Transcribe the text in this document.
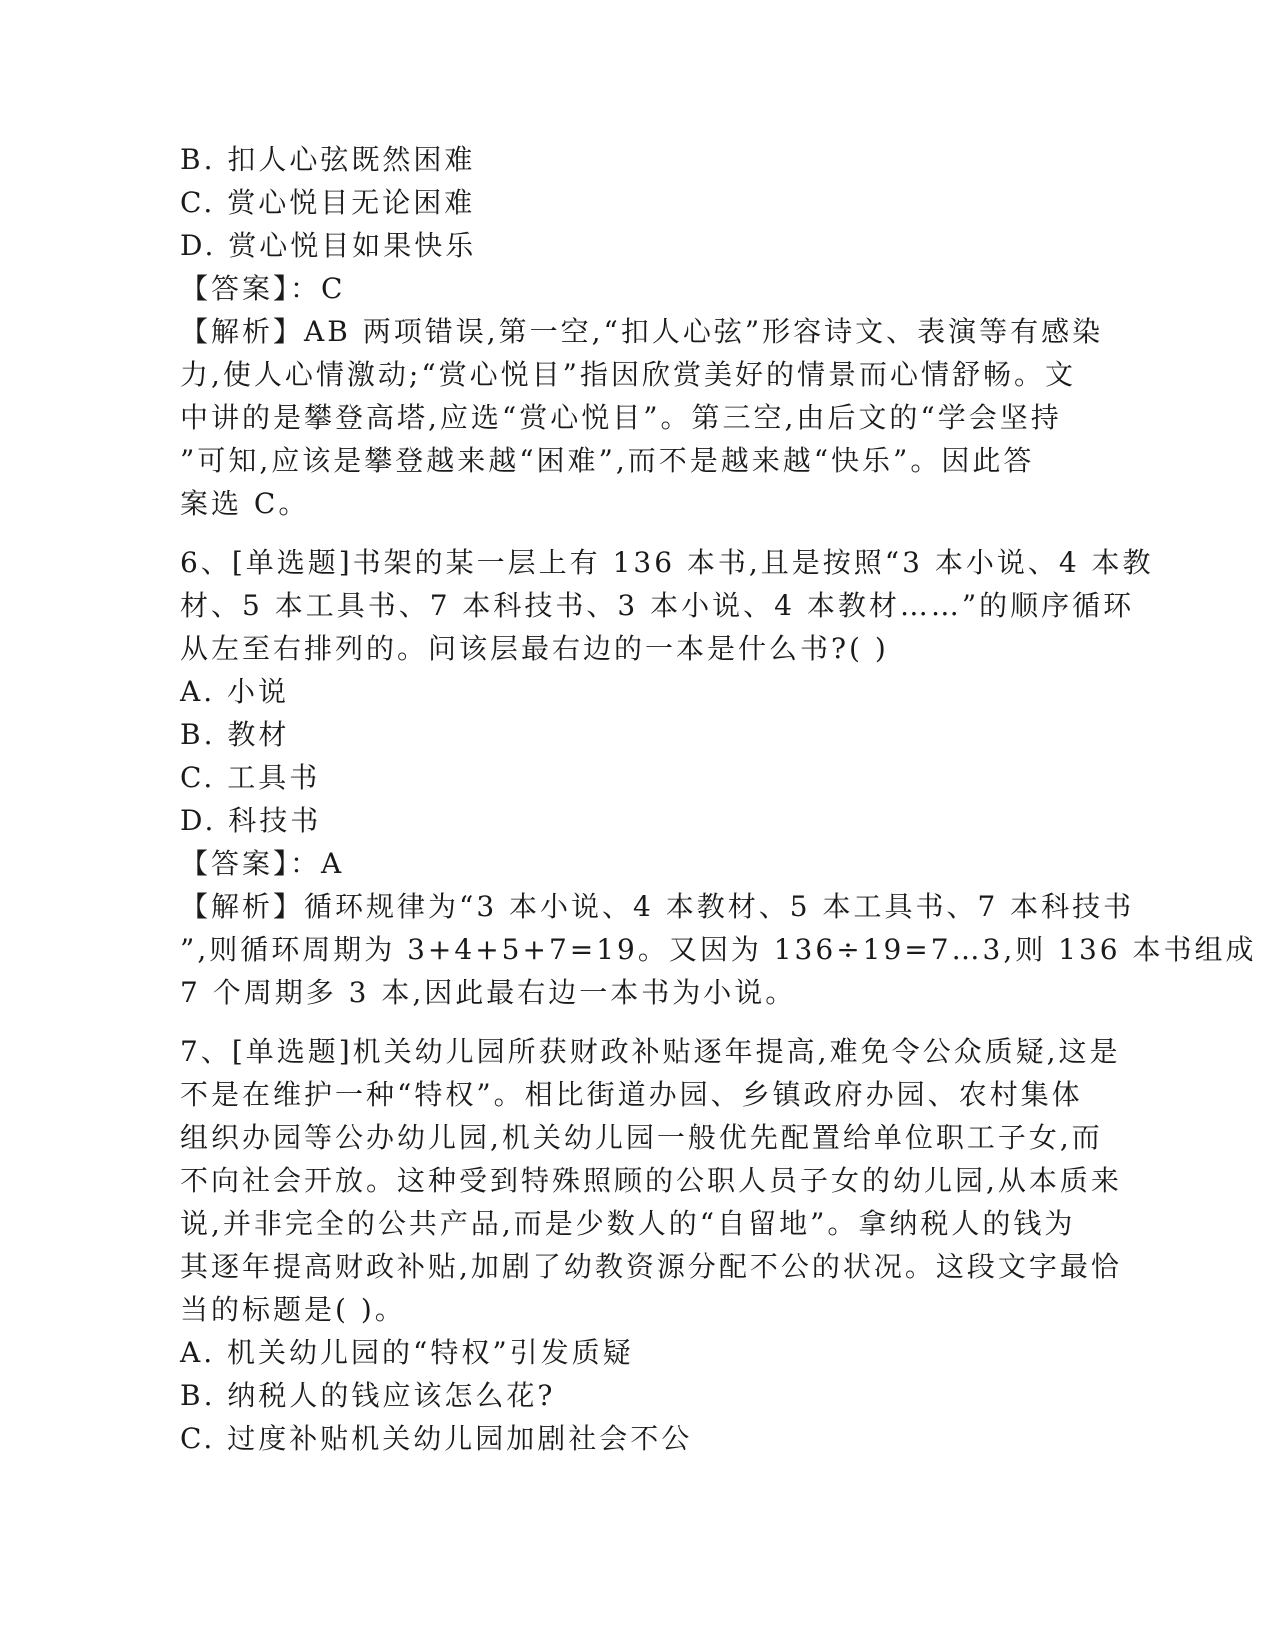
B. 扣人心弦既然困难
C. 赏心悦目无论困难
D. 赏心悦目如果快乐
【答案】：C
【解析】AB 两项错误,第一空,“扣人心弦”形容诗文、表演等有感染
力,使人心情激动;“赏心悦目”指因欣赏美好的情景而心情舒畅。文
中讲的是攀登高塔,应选“赏心悦目”。第三空,由后文的“学会坚持
”可知,应该是攀登越来越“困难”,而不是越来越“快乐”。因此答
案选 C。
6、[单选题]书架的某一层上有 136 本书,且是按照“3 本小说、4 本教
材、5 本工具书、7 本科技书、3 本小说、4 本教材……”的顺序循环
从左至右排列的。问该层最右边的一本是什么书?( )
A. 小说
B. 教材
C. 工具书
D. 科技书
【答案】：A
【解析】循环规律为“3 本小说、4 本教材、5 本工具书、7 本科技书
”,则循环周期为 3+4+5+7=19。又因为 136÷19=7…3,则 136 本书组成
7 个周期多 3 本,因此最右边一本书为小说。
7、[单选题]机关幼儿园所获财政补贴逐年提高,难免令公众质疑,这是
不是在维护一种“特权”。相比街道办园、乡镇政府办园、农村集体
组织办园等公办幼儿园,机关幼儿园一般优先配置给单位职工子女,而
不向社会开放。这种受到特殊照顾的公职人员子女的幼儿园,从本质来
说,并非完全的公共产品,而是少数人的“自留地”。拿纳税人的钱为
其逐年提高财政补贴,加剧了幼教资源分配不公的状况。这段文字最恰
当的标题是( )。
A. 机关幼儿园的“特权”引发质疑
B. 纳税人的钱应该怎么花?
C. 过度补贴机关幼儿园加剧社会不公
